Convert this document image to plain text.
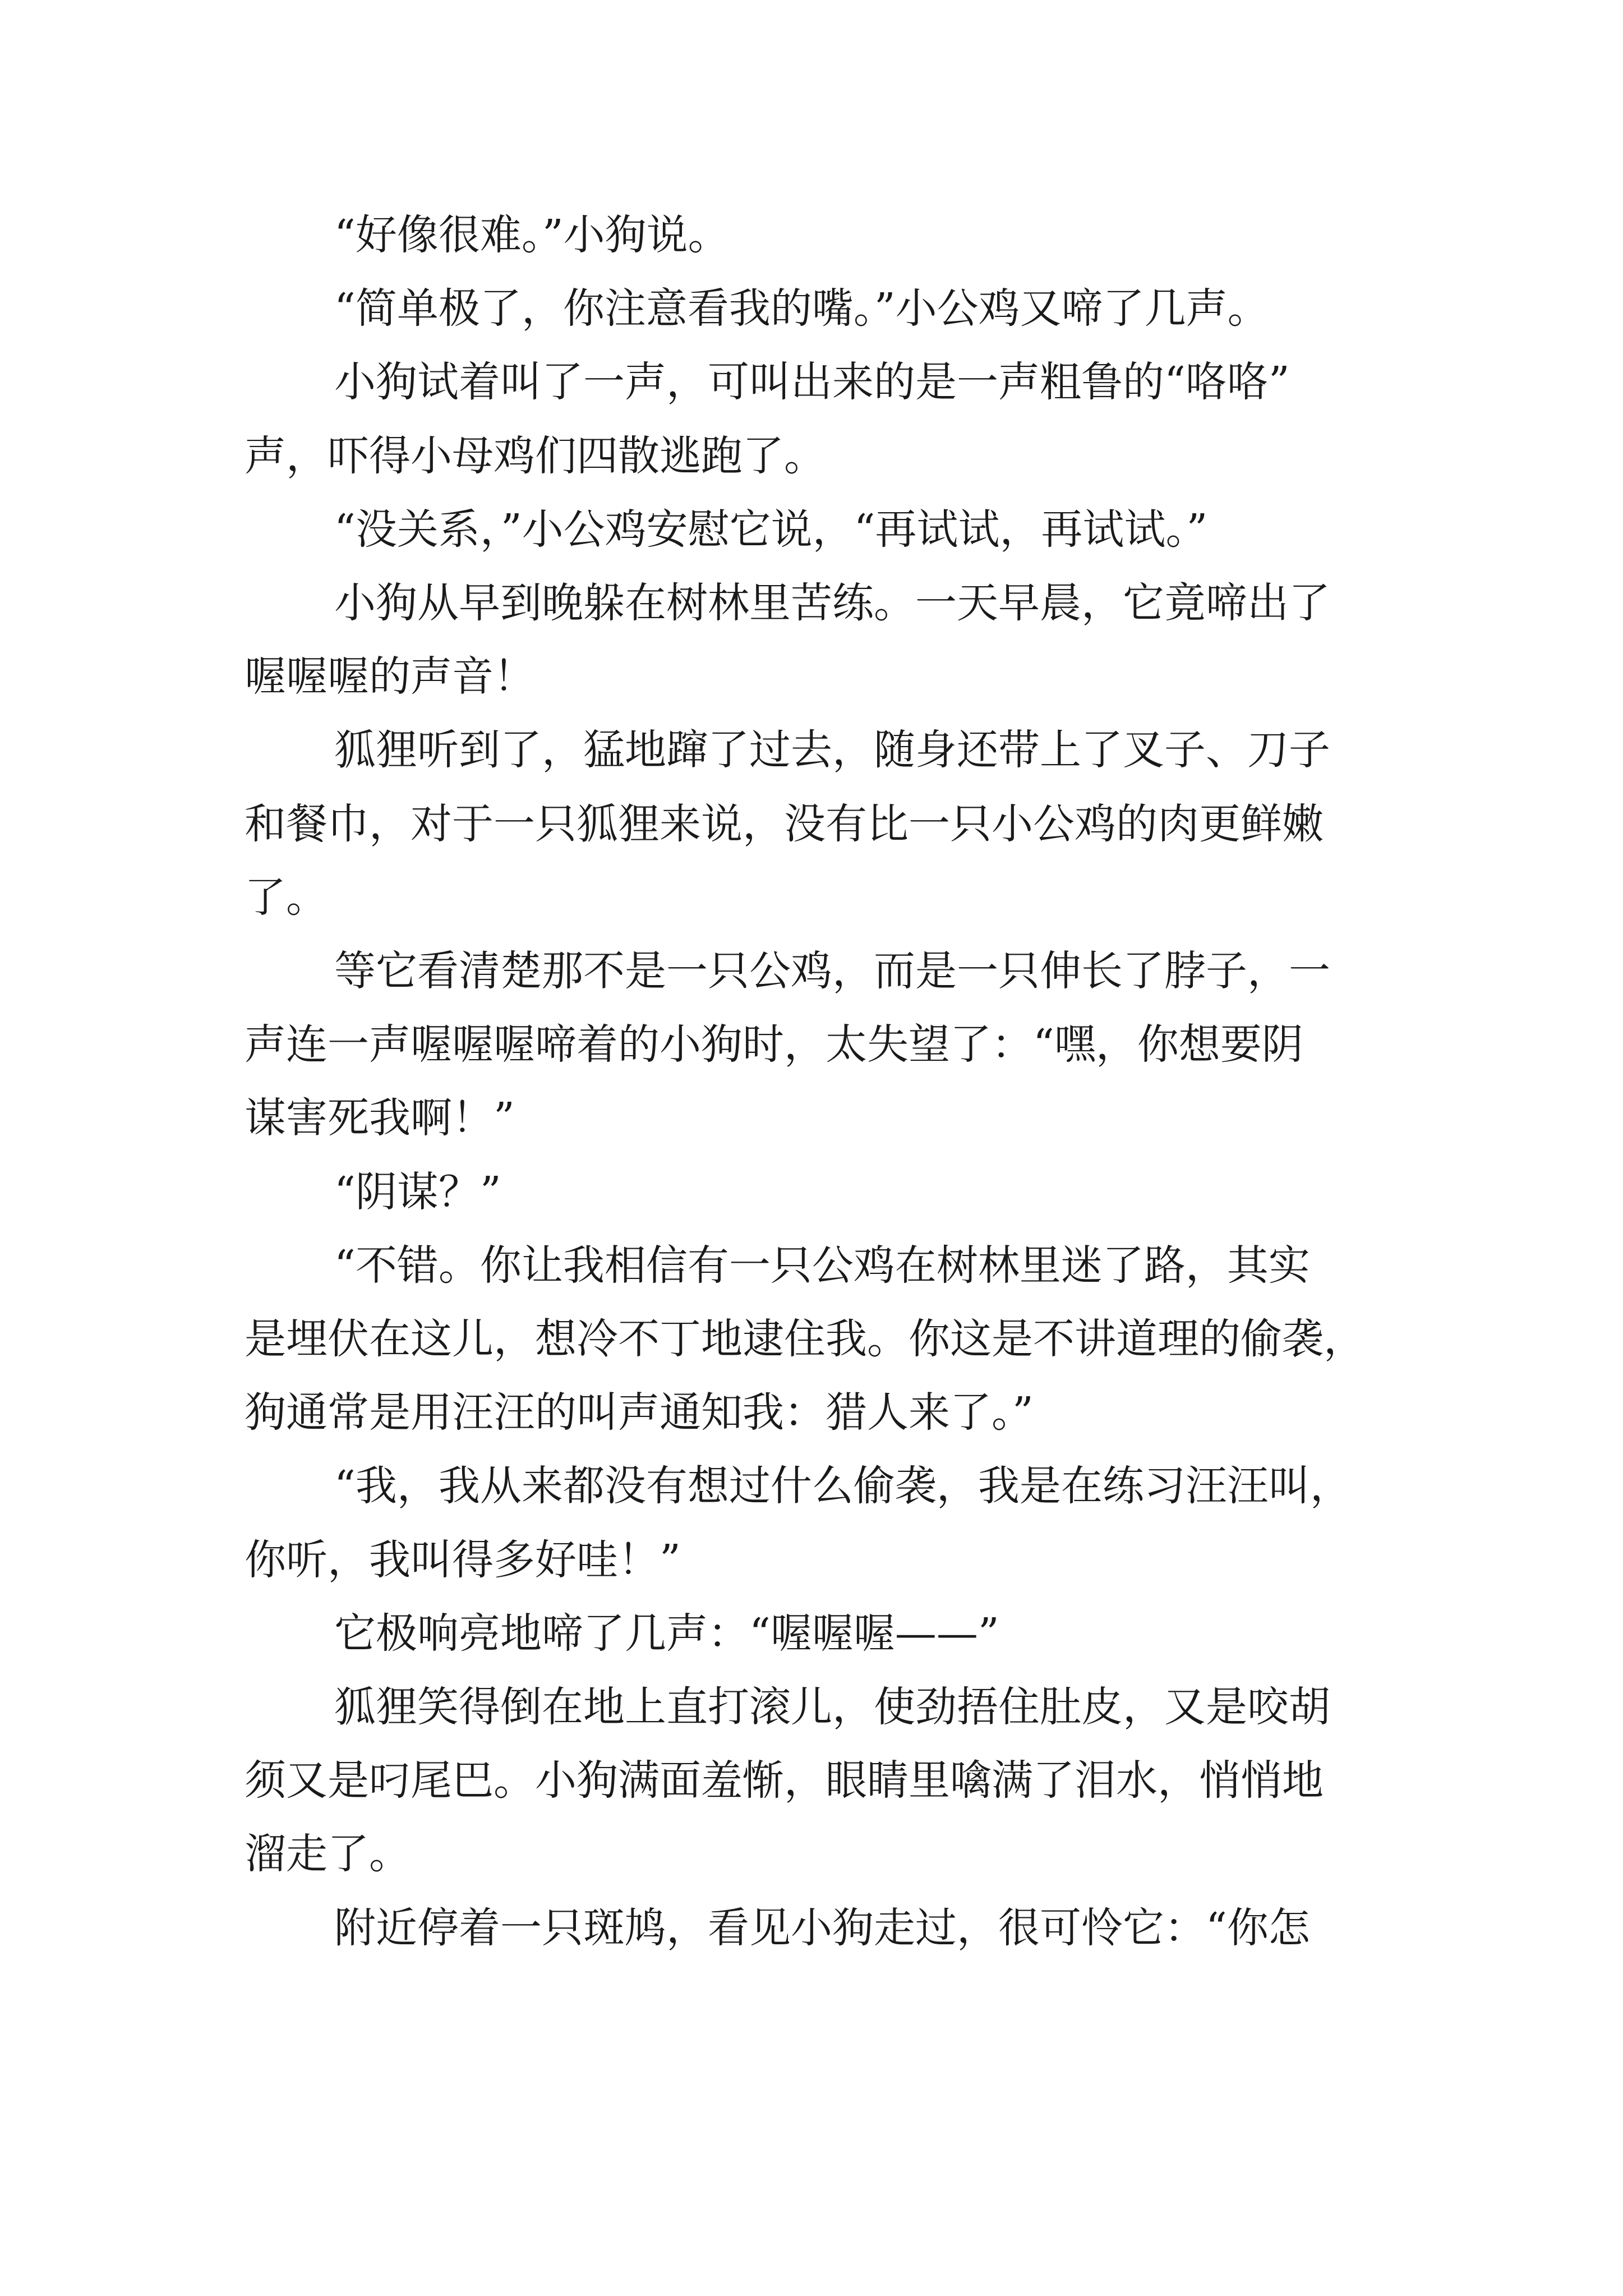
“好像很难。”小狗说。
“简单极了，你注意看我的嘴。”小公鸡又啼了几声。
小狗试着叫了一声，可叫出来的是一声粗鲁的“咯咯”
声，吓得小母鸡们四散逃跑了。
“没关系，”小公鸡安慰它说，“再试试，再试试。”
小狗从早到晚躲在树林里苦练。一天早晨，它竟啼出了
喔喔喔的声音！
狐狸听到了，猛地蹿了过去，随身还带上了叉子、刀子
和餐巾，对于一只狐狸来说，没有比一只小公鸡的肉更鲜嫩
了。
等它看清楚那不是一只公鸡，而是一只伸长了脖子，一
声连一声喔喔喔啼着的小狗时，太失望了：“嘿，你想要阴
谋害死我啊！”
“阴谋？”
“不错。你让我相信有一只公鸡在树林里迷了路，其实
是埋伏在这儿，想冷不丁地逮住我。你这是不讲道理的偷袭，
狗通常是用汪汪的叫声通知我：猎人来了。”
“我，我从来都没有想过什么偷袭，我是在练习汪汪叫，
你听，我叫得多好哇！”
它极响亮地啼了几声：“喔喔喔——”
狐狸笑得倒在地上直打滚儿，使劲捂住肚皮，又是咬胡
须又是叼尾巴。小狗满面羞惭，眼睛里噙满了泪水，悄悄地
溜走了。
附近停着一只斑鸠，看见小狗走过，很可怜它：“你怎
